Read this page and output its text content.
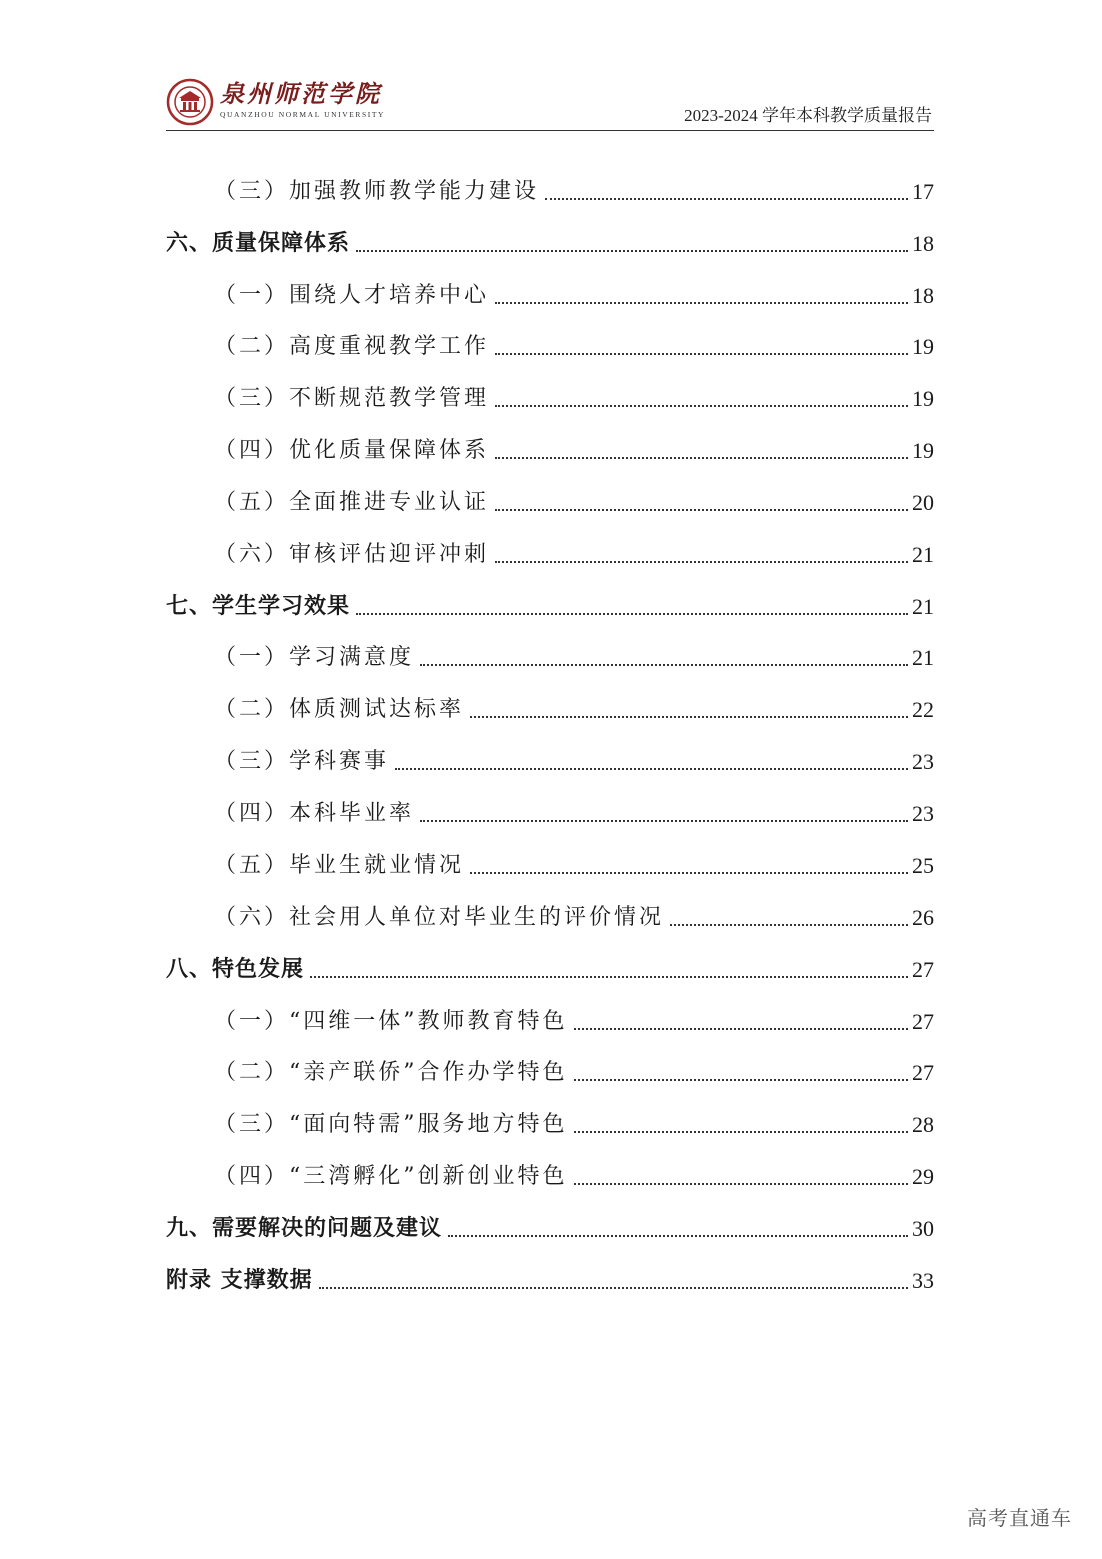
泉州师范学院
QUANZHOU NORMAL UNIVERSITY	2023-2024 学年本科教学质量报告
（三）加强教师教学能力建设	17
六、质量保障体系	18
（一）围绕人才培养中心	18
（二）高度重视教学工作	19
（三）不断规范教学管理	19
（四）优化质量保障体系	19
（五）全面推进专业认证	20
（六）审核评估迎评冲刺	21
七、学生学习效果	21
（一）学习满意度	21
（二）体质测试达标率	22
（三）学科赛事	23
（四）本科毕业率	23
（五）毕业生就业情况	25
（六）社会用人单位对毕业生的评价情况	26
八、特色发展	27
（一）“四维一体”教师教育特色	27
（二）“亲产联侨”合作办学特色	27
（三）“面向特需”服务地方特色	28
（四）“三湾孵化”创新创业特色	29
九、需要解决的问题及建议	30
附录 支撑数据	33
高考直通车
